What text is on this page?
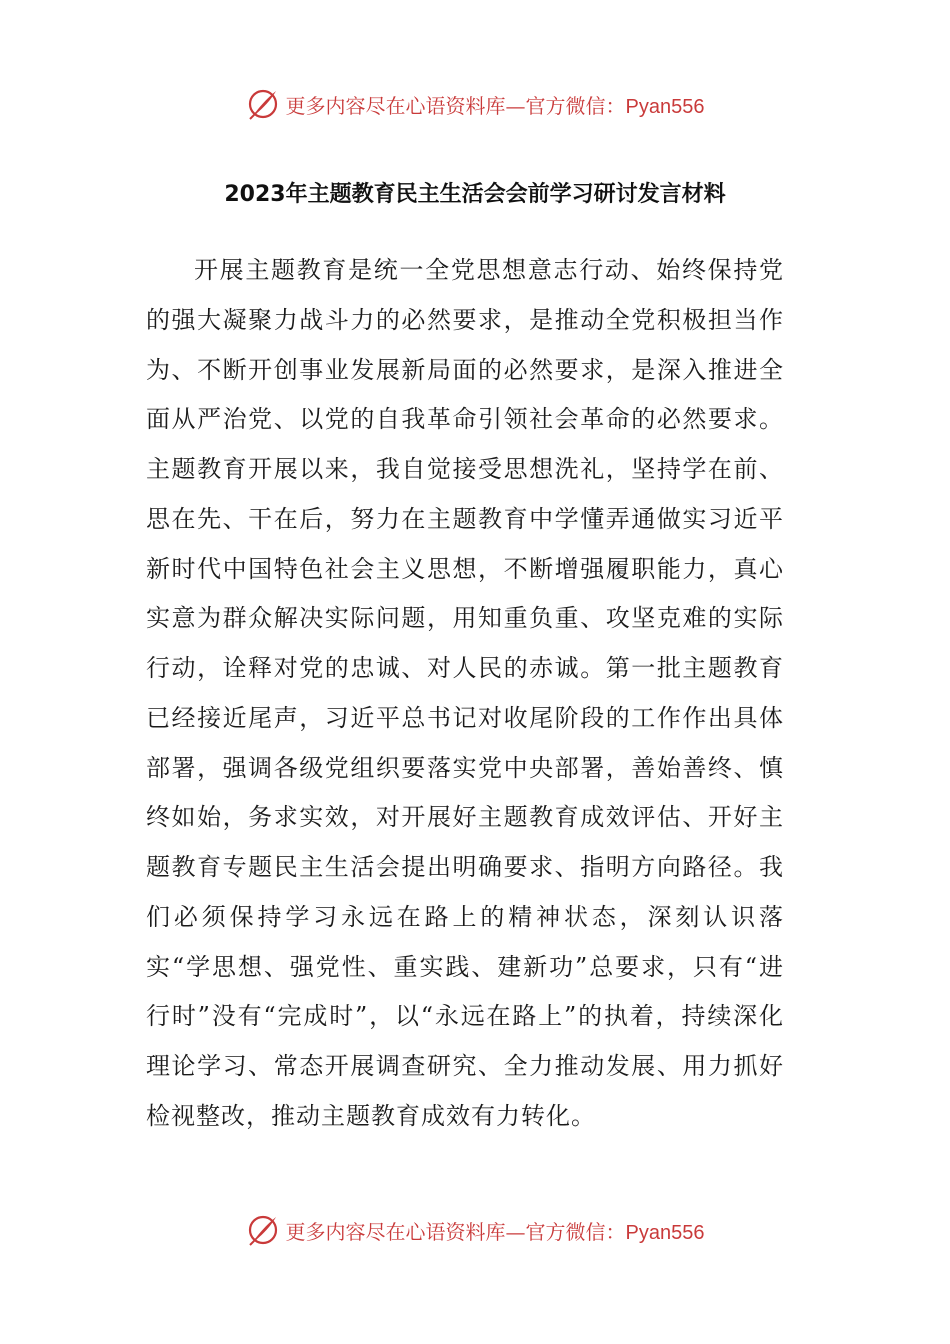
更多内容尽在心语资料库—官方微信：Pyan556
2023年主题教育民主生活会会前学习研讨发言材料

开展主题教育是统一全党思想意志行动、始终保持党的强大凝聚力战斗力的必然要求，是推动全党积极担当作为、不断开创事业发展新局面的必然要求，是深入推进全面从严治党、以党的自我革命引领社会革命的必然要求。主题教育开展以来，我自觉接受思想洗礼，坚持学在前、思在先、干在后，努力在主题教育中学懂弄通做实习近平新时代中国特色社会主义思想，不断增强履职能力，真心实意为群众解决实际问题，用知重负重、攻坚克难的实际行动，诠释对党的忠诚、对人民的赤诚。第一批主题教育已经接近尾声，习近平总书记对收尾阶段的工作作出具体部署，强调各级党组织要落实党中央部署，善始善终、慎终如始，务求实效，对开展好主题教育成效评估、开好主题教育专题民主生活会提出明确要求、指明方向路径。我们必须保持学习永远在路上的精神状态，深刻认识落实“学思想、强党性、重实践、建新功”总要求，只有“进行时”没有“完成时”，以“永远在路上”的执着，持续深化理论学习、常态开展调查研究、全力推动发展、用力抓好检视整改，推动主题教育成效有力转化。

更多内容尽在心语资料库—官方微信：Pyan556
